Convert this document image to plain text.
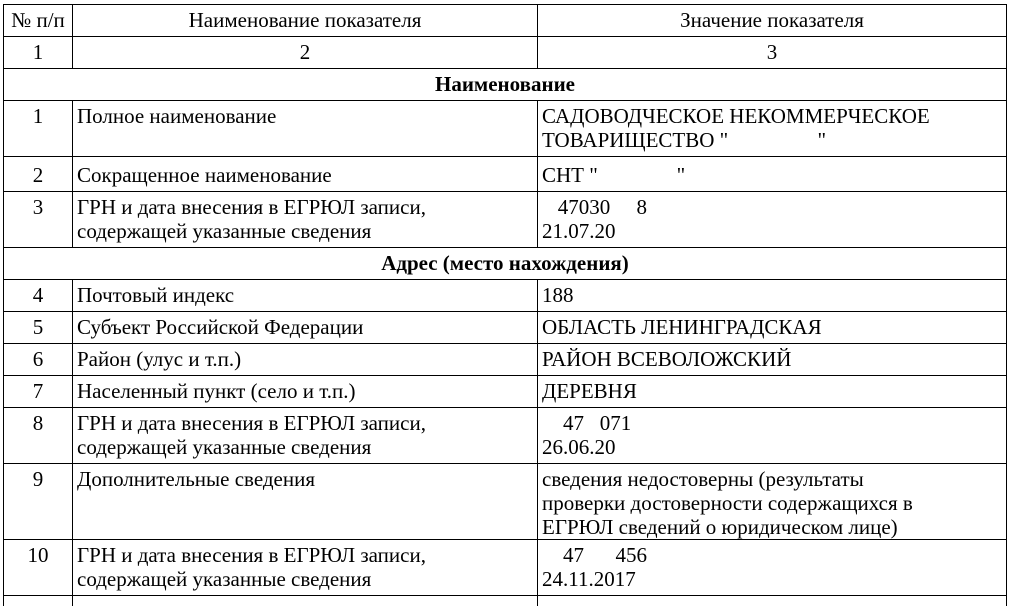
№ п/п	Наименование показателя	Значение показателя
1	2	3
Наименование		
1	Полное наименование	САДОВОДЧЕСКОЕ НЕКОММЕРЧЕСКОЕ
ТОВАРИЩЕСТВО "                 "

2	Сокращенное наименование	СНТ "               "

3	ГРН и дата внесения в ЕГРЮЛ записи,
содержащей указанные сведения	47030     8
21.07.20

Адрес (место нахождения)		
4	Почтовый индекс	188

5	Субъект Российской Федерации	ОБЛАСТЬ ЛЕНИНГРАДСКАЯ

6	Район (улус и т.п.)	РАЙОН ВСЕВОЛОЖСКИЙ

7	Населенный пункт (село и т.п.)	ДЕРЕВНЯ

8	ГРН и дата внесения в ЕГРЮЛ записи,
содержащей указанные сведения	47   071
26.06.20

9	Дополнительные сведения	сведения недостоверны (результаты
проверки достоверности содержащихся в
ЕГРЮЛ сведений о юридическом лице)

10	ГРН и дата внесения в ЕГРЮЛ записи,
содержащей указанные сведения	47      456
24.11.2017
